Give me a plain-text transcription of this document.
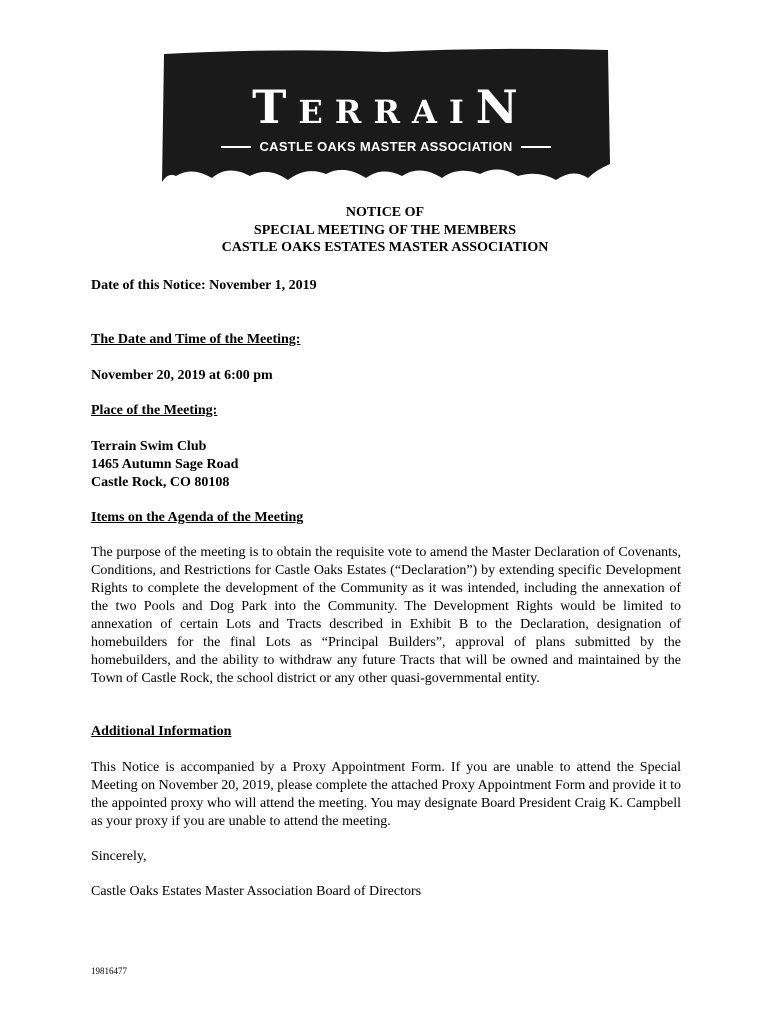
TERRAIN
CASTLE OAKS MASTER ASSOCIATION
NOTICE OF
SPECIAL MEETING OF THE MEMBERS
CASTLE OAKS ESTATES MASTER ASSOCIATION

Date of this Notice: November 1, 2019

The Date and Time of the Meeting:

November 20, 2019 at 6:00 pm

Place of the Meeting:

Terrain Swim Club
1465 Autumn Sage Road
Castle Rock, CO 80108

Items on the Agenda of the Meeting

The purpose of the meeting is to obtain the requisite vote to amend the Master Declaration of Covenants, Conditions, and Restrictions for Castle Oaks Estates (“Declaration”) by extending specific Development Rights to complete the development of the Community as it was intended, including the annexation of the two Pools and Dog Park into the Community. The Development Rights would be limited to annexation of certain Lots and Tracts described in Exhibit B to the Declaration, designation of homebuilders for the final Lots as “Principal Builders”, approval of plans submitted by the homebuilders, and the ability to withdraw any future Tracts that will be owned and maintained by the Town of Castle Rock, the school district or any other quasi-governmental entity.

Additional Information

This Notice is accompanied by a Proxy Appointment Form. If you are unable to attend the Special Meeting on November 20, 2019, please complete the attached Proxy Appointment Form and provide it to the appointed proxy who will attend the meeting. You may designate Board President Craig K. Campbell as your proxy if you are unable to attend the meeting.

Sincerely,

Castle Oaks Estates Master Association Board of Directors

19816477
